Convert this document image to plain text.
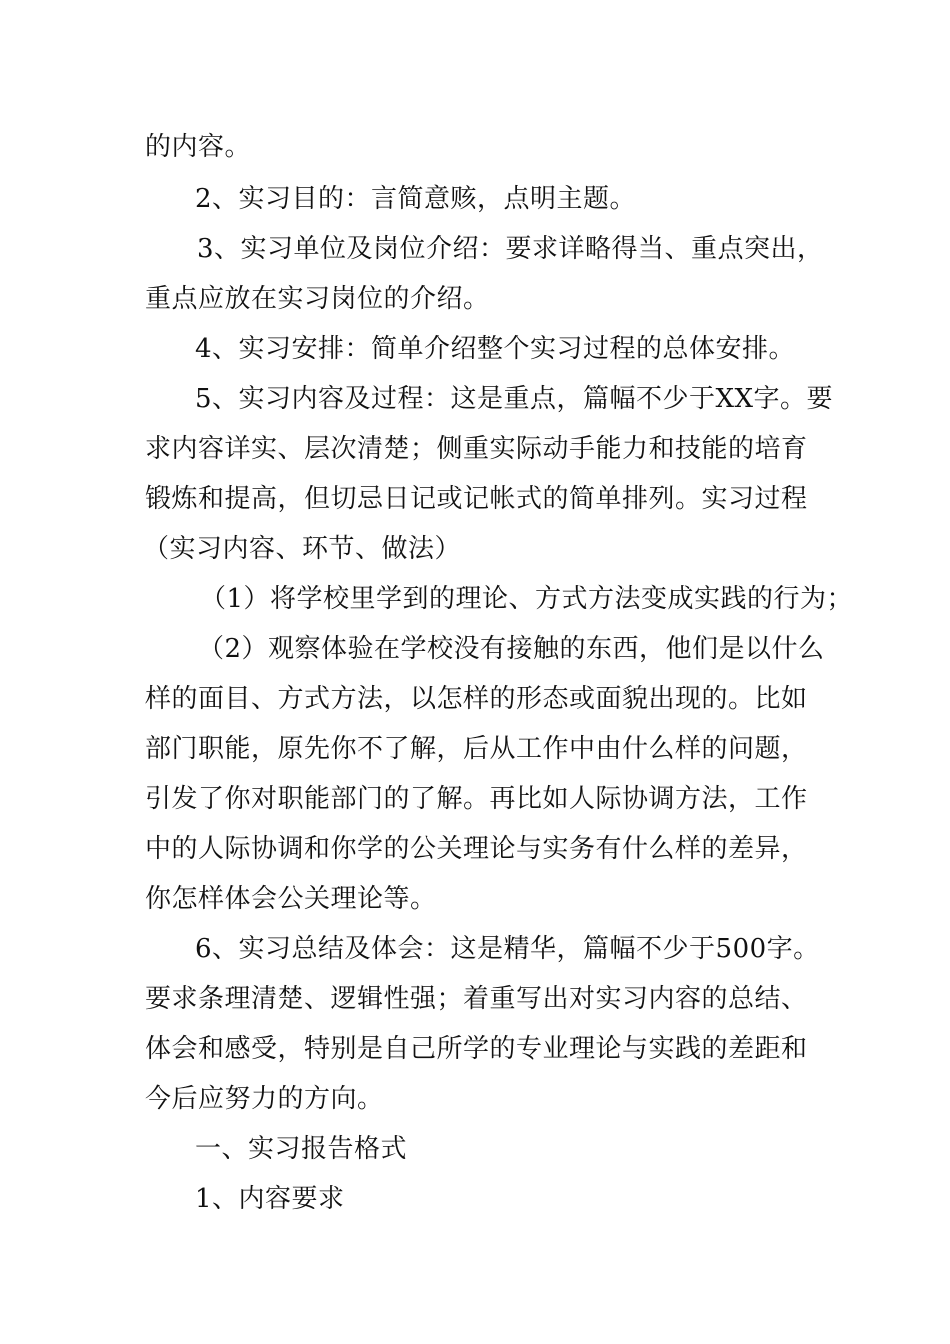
的内容。
2、实习目的：言简意赅，点明主题。
3、实习单位及岗位介绍：要求详略得当、重点突出，
重点应放在实习岗位的介绍。
4、实习安排：简单介绍整个实习过程的总体安排。
5、实习内容及过程：这是重点，篇幅不少于XX字。要
求内容详实、层次清楚；侧重实际动手能力和技能的培育
锻炼和提高，但切忌日记或记帐式的简单排列。实习过程
（实习内容、环节、做法）
（1）将学校里学到的理论、方式方法变成实践的行为；
（2）观察体验在学校没有接触的东西，他们是以什么
样的面目、方式方法，以怎样的形态或面貌出现的。比如
部门职能，原先你不了解，后从工作中由什么样的问题，
引发了你对职能部门的了解。再比如人际协调方法，工作
中的人际协调和你学的公关理论与实务有什么样的差异，
你怎样体会公关理论等。
6、实习总结及体会：这是精华，篇幅不少于500字。
要求条理清楚、逻辑性强；着重写出对实习内容的总结、
体会和感受，特别是自己所学的专业理论与实践的差距和
今后应努力的方向。
一、实习报告格式
1、内容要求
